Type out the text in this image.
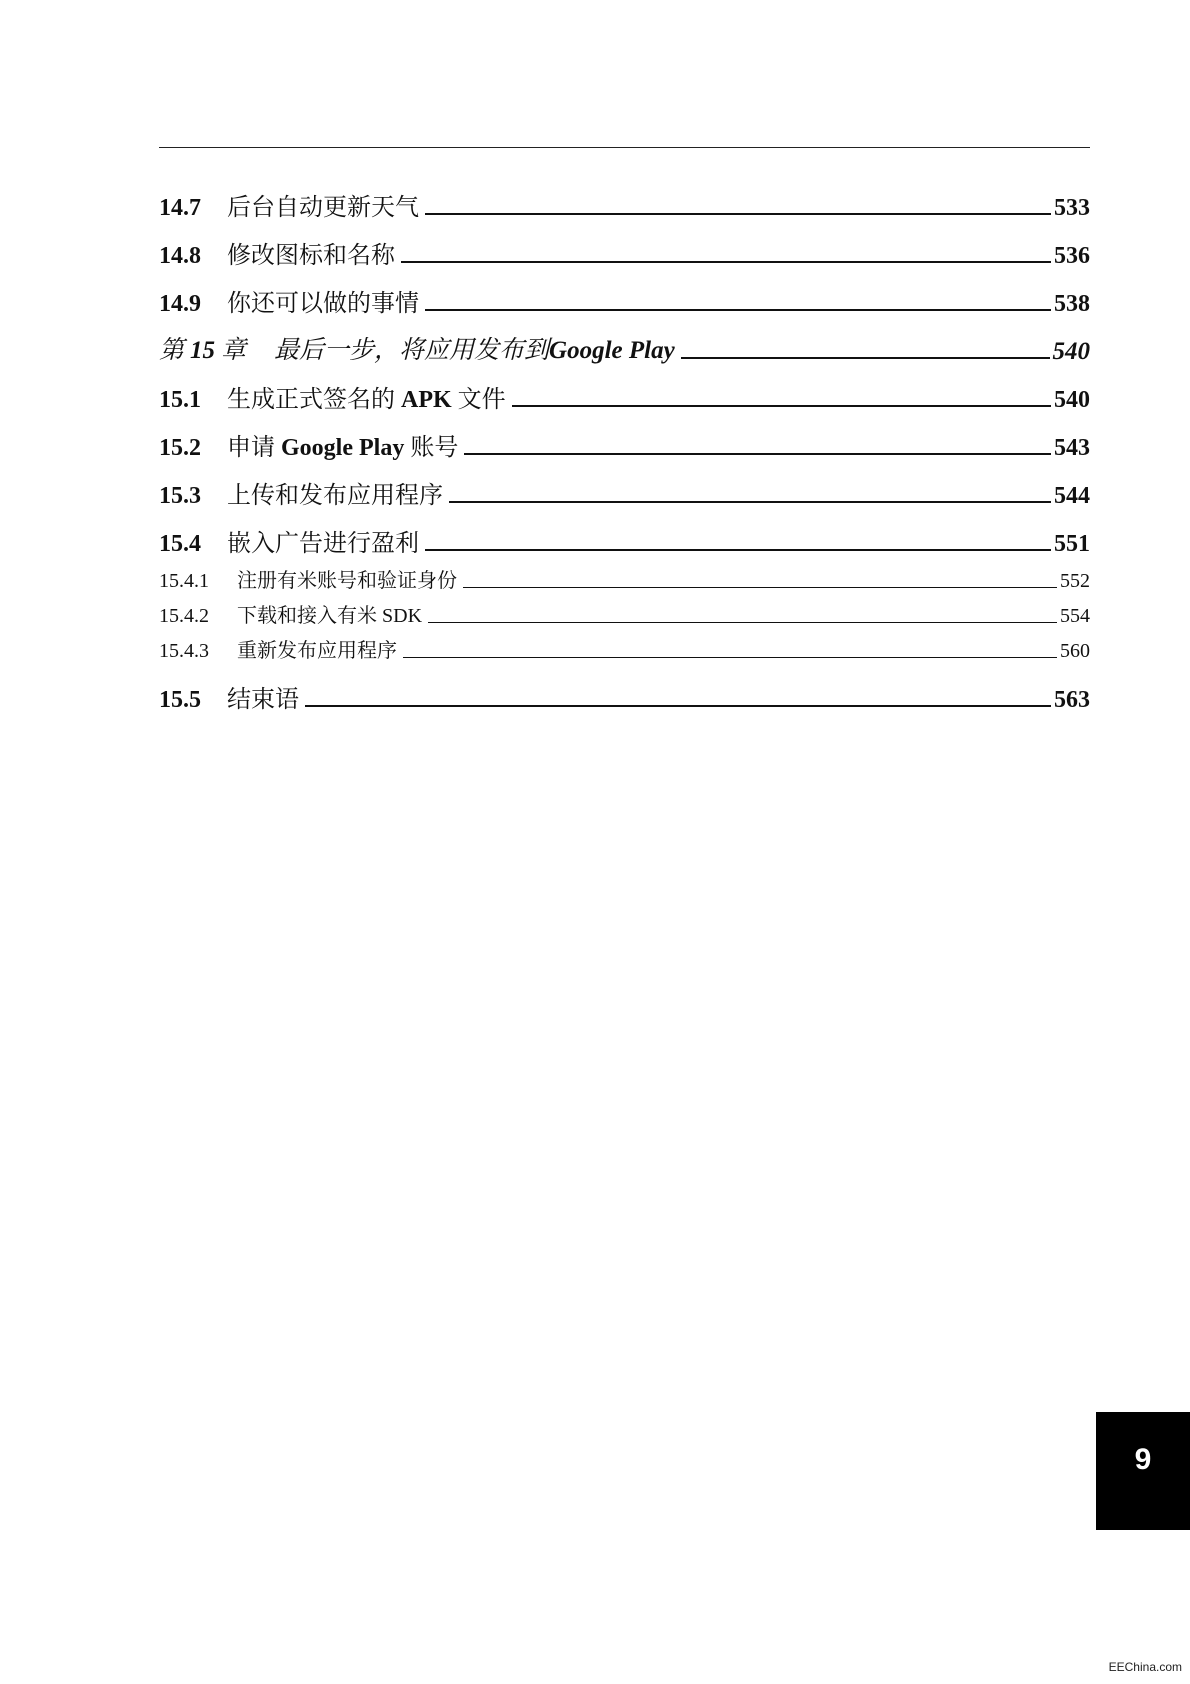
14.7	后台自动更新天气	533
14.8	修改图标和名称	536
14.9	你还可以做的事情	538
第 15 章 最后一步，将应用发布到Google Play	540
15.1	生成正式签名的 APK 文件	540
15.2	申请 Google Play 账号	543
15.3	上传和发布应用程序	544
15.4	嵌入广告进行盈利	551
15.4.1	注册有米账号和验证身份	552
15.4.2	下载和接入有米 SDK	554
15.4.3	重新发布应用程序	560
15.5	结束语	563
9
EEChina.com
